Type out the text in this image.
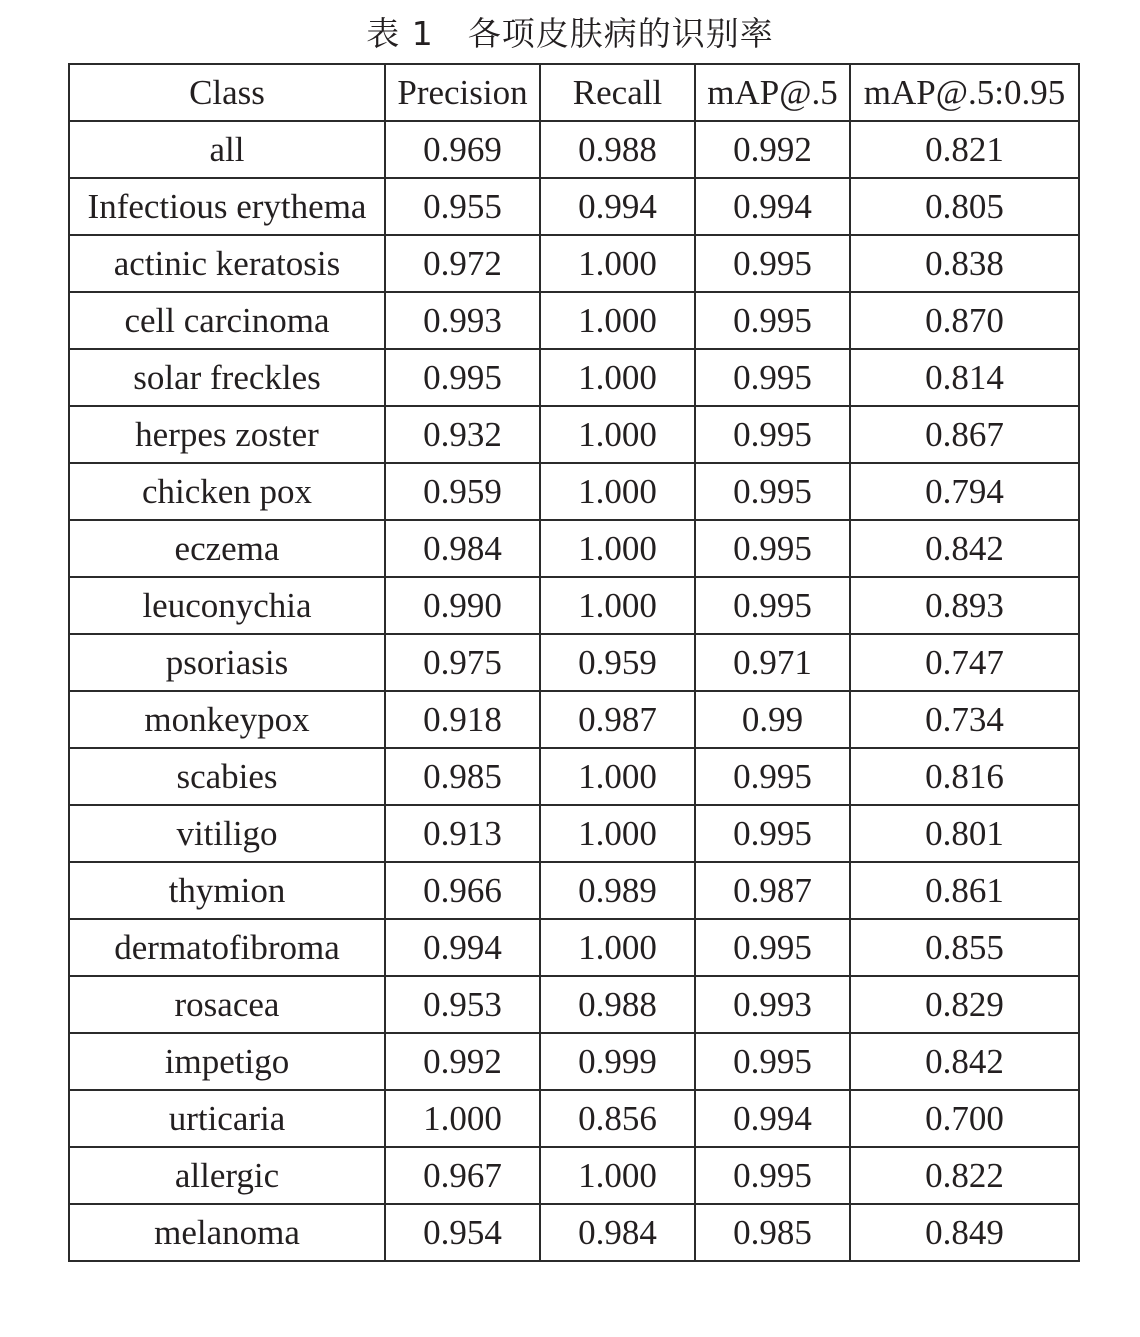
表 1 各项皮肤病的识别率
Class	Precision	Recall	mAP@.5	mAP@.5:0.95
all	0.969	0.988	0.992	0.821
Infectious erythema	0.955	0.994	0.994	0.805
actinic keratosis	0.972	1.000	0.995	0.838
cell carcinoma	0.993	1.000	0.995	0.870
solar freckles	0.995	1.000	0.995	0.814
herpes zoster	0.932	1.000	0.995	0.867
chicken pox	0.959	1.000	0.995	0.794
eczema	0.984	1.000	0.995	0.842
leuconychia	0.990	1.000	0.995	0.893
psoriasis	0.975	0.959	0.971	0.747
monkeypox	0.918	0.987	0.99	0.734
scabies	0.985	1.000	0.995	0.816
vitiligo	0.913	1.000	0.995	0.801
thymion	0.966	0.989	0.987	0.861
dermatofibroma	0.994	1.000	0.995	0.855
rosacea	0.953	0.988	0.993	0.829
impetigo	0.992	0.999	0.995	0.842
urticaria	1.000	0.856	0.994	0.700
allergic	0.967	1.000	0.995	0.822
melanoma	0.954	0.984	0.985	0.849
